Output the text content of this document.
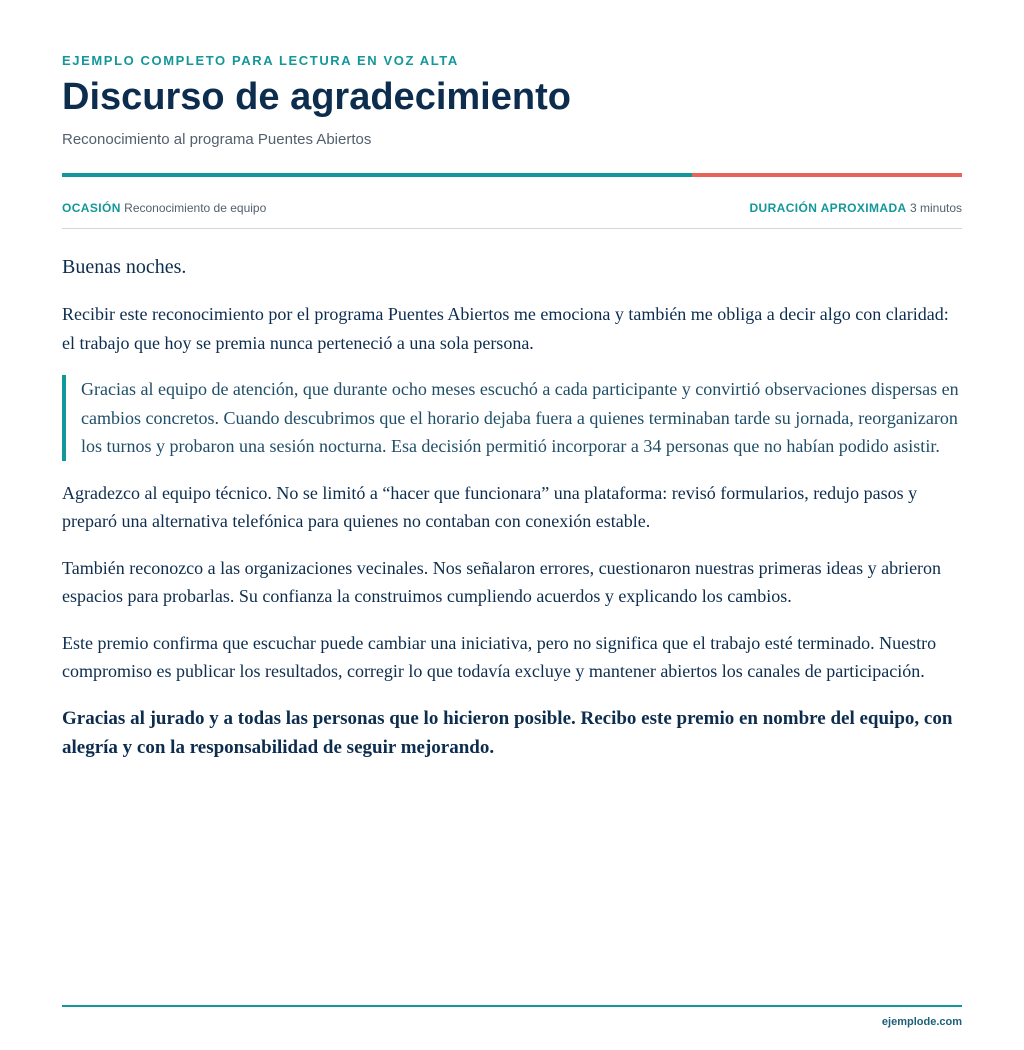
EJEMPLO COMPLETO PARA LECTURA EN VOZ ALTA
Discurso de agradecimiento
Reconocimiento al programa Puentes Abiertos
OCASIÓN Reconocimiento de equipo	DURACIÓN APROXIMADA 3 minutos

Buenas noches.

Recibir este reconocimiento por el programa Puentes Abiertos me emociona y también me obliga a decir algo con claridad: el trabajo que hoy se premia nunca perteneció a una sola persona.

Gracias al equipo de atención, que durante ocho meses escuchó a cada participante y convirtió observaciones dispersas en cambios concretos. Cuando descubrimos que el horario dejaba fuera a quienes terminaban tarde su jornada, reorganizaron los turnos y probaron una sesión nocturna. Esa decisión permitió incorporar a 34 personas que no habían podido asistir.

Agradezco al equipo técnico. No se limitó a “hacer que funcionara” una plataforma: revisó formularios, redujo pasos y preparó una alternativa telefónica para quienes no contaban con conexión estable.

También reconozco a las organizaciones vecinales. Nos señalaron errores, cuestionaron nuestras primeras ideas y abrieron espacios para probarlas. Su confianza la construimos cumpliendo acuerdos y explicando los cambios.

Este premio confirma que escuchar puede cambiar una iniciativa, pero no significa que el trabajo esté terminado. Nuestro compromiso es publicar los resultados, corregir lo que todavía excluye y mantener abiertos los canales de participación.

Gracias al jurado y a todas las personas que lo hicieron posible. Recibo este premio en nombre del equipo, con alegría y con la responsabilidad de seguir mejorando.

ejemplode.com
